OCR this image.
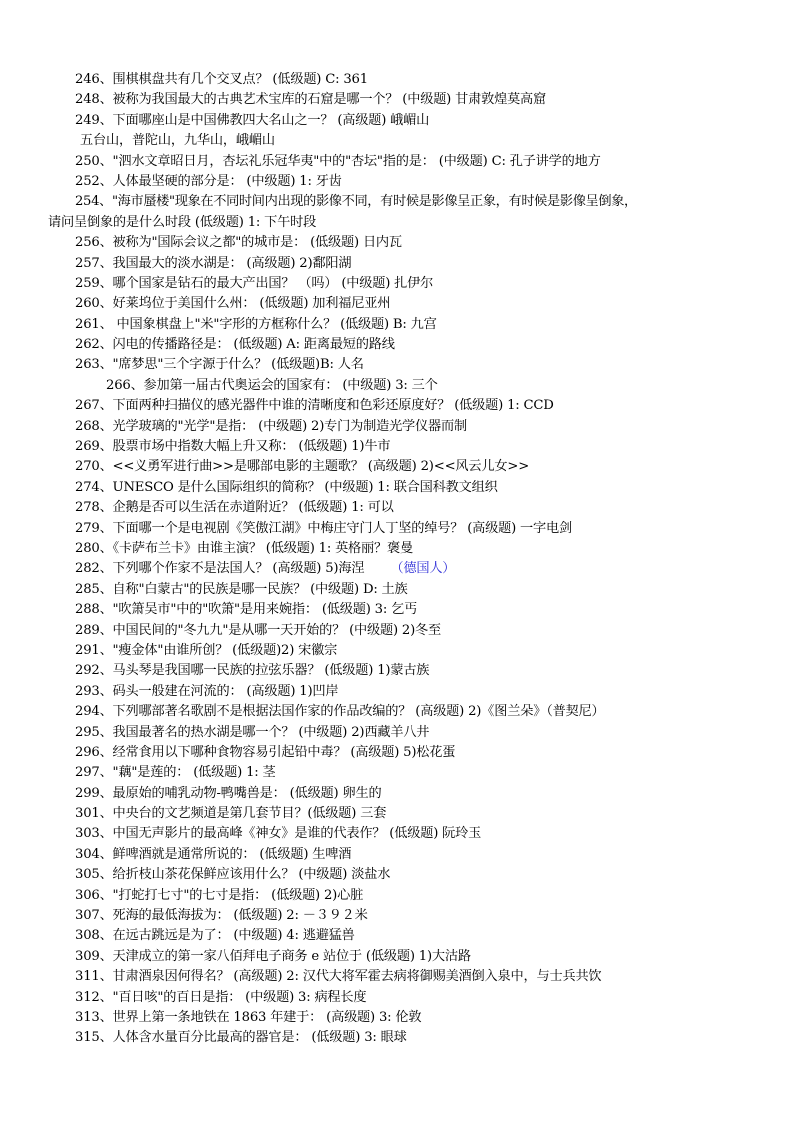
246、围棋棋盘共有几个交叉点？ (低级题) C: 361
248、被称为我国最大的古典艺术宝库的石窟是哪一个？ (中级题) 甘肃敦煌莫高窟
249、下面哪座山是中国佛教四大名山之一？ (高级题) 峨嵋山
五台山，普陀山，九华山，峨嵋山
250、"泗水文章昭日月，杏坛礼乐冠华夷"中的"杏坛"指的是： (中级题) C: 孔子讲学的地方
252、人体最坚硬的部分是： (中级题) 1: 牙齿
254、"海市蜃楼"现象在不同时间内出现的影像不同，有时候是影像呈正象，有时候是影像呈倒象，
请问呈倒象的是什么时段 (低级题) 1: 下午时段
256、被称为"国际会议之都"的城市是： (低级题) 日内瓦
257、我国最大的淡水湖是： (高级题) 2)鄱阳湖
259、哪个国家是钻石的最大产出国？ （吗） (中级题) 扎伊尔
260、好莱坞位于美国什么州： (低级题) 加利福尼亚州
261、 中国象棋盘上"米"字形的方框称什么？ (低级题) B: 九宫
262、闪电的传播路径是： (低级题) A: 距离最短的路线
263、"席梦思"三个字源于什么？ (低级题)B: 人名
266、参加第一届古代奥运会的国家有： (中级题) 3: 三个
267、下面两种扫描仪的感光器件中谁的清晰度和色彩还原度好？ (低级题) 1: CCD
268、光学玻璃的"光学"是指： (中级题) 2)专门为制造光学仪器而制
269、股票市场中指数大幅上升又称： (低级题) 1)牛市
270、<<义勇军进行曲>>是哪部电影的主题歌？ (高级题) 2)<<风云儿女>>
274、UNESCO 是什么国际组织的简称？ (中级题) 1: 联合国科教文组织
278、企鹅是否可以生活在赤道附近？ (低级题) 1: 可以
279、下面哪一个是电视剧《笑傲江湖》中梅庄守门人丁坚的绰号？ (高级题) 一字电剑
280、《卡萨布兰卡》由谁主演？ (低级题) 1: 英格丽？褒曼
282、下列哪个作家不是法国人？ (高级题) 5)海涅 （德国人）
285、自称"白蒙古"的民族是哪一民族？ (中级题) D: 土族
288、"吹箫吴市"中的"吹箫"是用来婉指： (低级题) 3: 乞丐
289、中国民间的"冬九九"是从哪一天开始的？ (中级题) 2)冬至
291、"瘦金体"由谁所创？ (低级题)2) 宋徽宗
292、马头琴是我国哪一民族的拉弦乐器？ (低级题) 1)蒙古族
293、码头一般建在河流的： (高级题) 1)凹岸
294、下列哪部著名歌剧不是根据法国作家的作品改编的？ (高级题) 2)《图兰朵》（普契尼）
295、我国最著名的热水湖是哪一个？ (中级题) 2)西藏羊八井
296、经常食用以下哪种食物容易引起铅中毒？ (高级题) 5)松花蛋
297、"藕"是莲的： (低级题) 1: 茎
299、最原始的哺乳动物-鸭嘴兽是： (低级题) 卵生的
301、中央台的文艺频道是第几套节目？(低级题) 三套
303、中国无声影片的最高峰《神女》是谁的代表作？ (低级题) 阮玲玉
304、鲜啤酒就是通常所说的： (低级题) 生啤酒
305、给折枝山茶花保鲜应该用什么？ (中级题) 淡盐水
306、"打蛇打七寸"的七寸是指： (低级题) 2)心脏
307、死海的最低海拔为： (低级题) 2: －３９２米
308、在远古跳远是为了： (中级题) 4: 逃避猛兽
309、天津成立的第一家八佰拜电子商务 e 站位于 (低级题) 1)大沽路
311、甘肃酒泉因何得名？ (高级题) 2: 汉代大将军霍去病将御赐美酒倒入泉中，与士兵共饮
312、"百日咳"的百日是指： (中级题) 3: 病程长度
313、世界上第一条地铁在 1863 年建于： (高级题) 3: 伦敦
315、人体含水量百分比最高的器官是： (低级题) 3: 眼球
